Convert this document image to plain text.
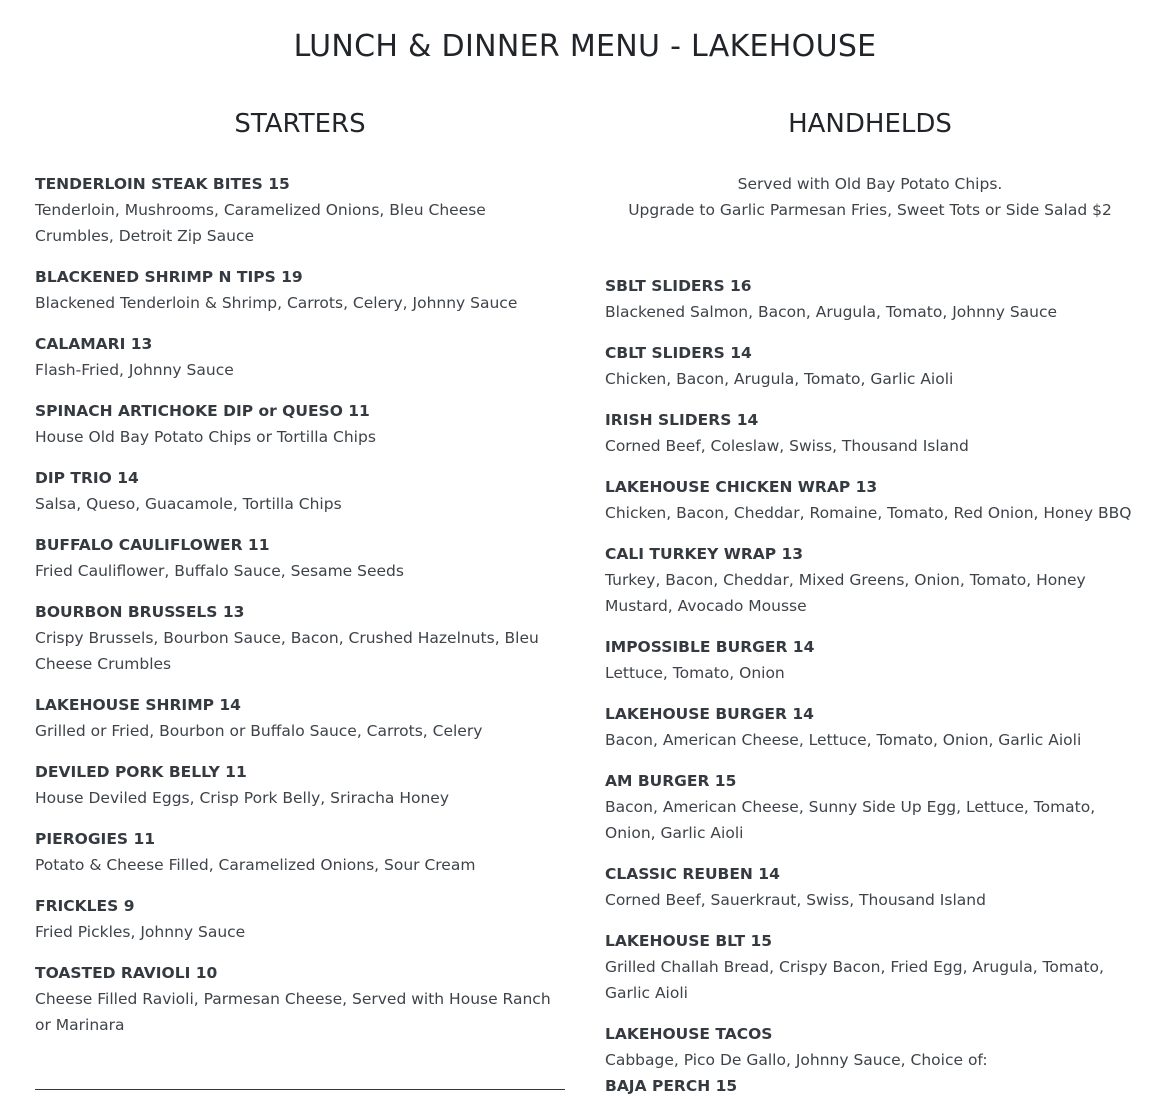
LUNCH & DINNER MENU - LAKEHOUSE
STARTERS
TENDERLOIN STEAK BITES 15
Tenderloin, Mushrooms, Caramelized Onions, Bleu Cheese Crumbles, Detroit Zip Sauce
BLACKENED SHRIMP N TIPS 19
Blackened Tenderloin & Shrimp, Carrots, Celery, Johnny Sauce
CALAMARI 13
Flash-Fried, Johnny Sauce
SPINACH ARTICHOKE DIP or QUESO 11
House Old Bay Potato Chips or Tortilla Chips
DIP TRIO 14
Salsa, Queso, Guacamole, Tortilla Chips
BUFFALO CAULIFLOWER 11
Fried Cauliflower, Buffalo Sauce, Sesame Seeds
BOURBON BRUSSELS 13
Crispy Brussels, Bourbon Sauce, Bacon, Crushed Hazelnuts, Bleu Cheese Crumbles
LAKEHOUSE SHRIMP 14
Grilled or Fried, Bourbon or Buffalo Sauce, Carrots, Celery
DEVILED PORK BELLY 11
House Deviled Eggs, Crisp Pork Belly, Sriracha Honey
PIEROGIES 11
Potato & Cheese Filled, Caramelized Onions, Sour Cream
FRICKLES 9
Fried Pickles, Johnny Sauce
TOASTED RAVIOLI 10
Cheese Filled Ravioli, Parmesan Cheese, Served with House Ranch or Marinara
HANDHELDS
Served with Old Bay Potato Chips.
Upgrade to Garlic Parmesan Fries, Sweet Tots or Side Salad $2
SBLT SLIDERS 16
Blackened Salmon, Bacon, Arugula, Tomato, Johnny Sauce
CBLT SLIDERS 14
Chicken, Bacon, Arugula, Tomato, Garlic Aioli
IRISH SLIDERS 14
Corned Beef, Coleslaw, Swiss, Thousand Island
LAKEHOUSE CHICKEN WRAP 13
Chicken, Bacon, Cheddar, Romaine, Tomato, Red Onion, Honey BBQ
CALI TURKEY WRAP 13
Turkey, Bacon, Cheddar, Mixed Greens, Onion, Tomato, Honey Mustard, Avocado Mousse
IMPOSSIBLE BURGER 14
Lettuce, Tomato, Onion
LAKEHOUSE BURGER 14
Bacon, American Cheese, Lettuce, Tomato, Onion, Garlic Aioli
AM BURGER 15
Bacon, American Cheese, Sunny Side Up Egg, Lettuce, Tomato, Onion, Garlic Aioli
CLASSIC REUBEN 14
Corned Beef, Sauerkraut, Swiss, Thousand Island
LAKEHOUSE BLT 15
Grilled Challah Bread, Crispy Bacon, Fried Egg, Arugula, Tomato, Garlic Aioli
LAKEHOUSE TACOS
Cabbage, Pico De Gallo, Johnny Sauce, Choice of:
BAJA PERCH 15
